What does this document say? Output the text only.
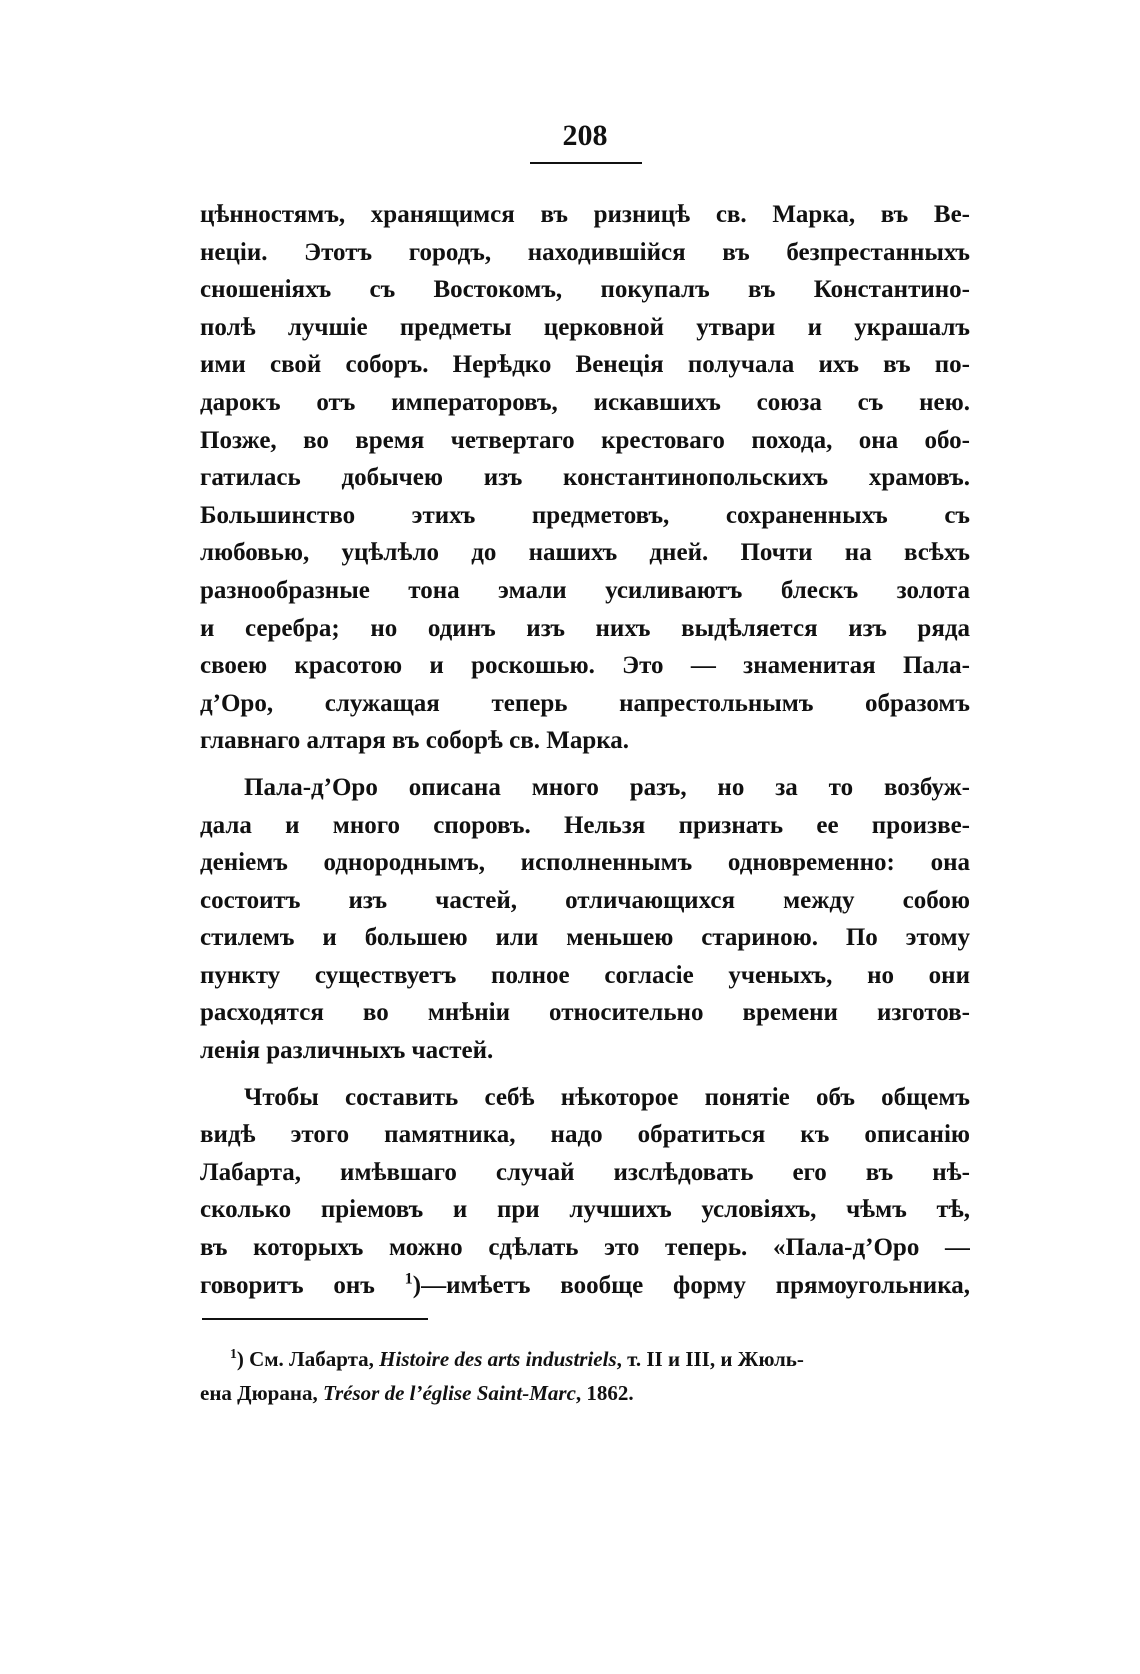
208
цѣнностямъ, хранящимся въ ризницѣ св. Марка, въ Ве-
неціи. Этотъ городъ, находившійся въ безпрестанныхъ
сношеніяхъ съ Востокомъ, покупалъ въ Константино-
полѣ лучшіе предметы церковной утвари и украшалъ
ими свой соборъ. Нерѣдко Венеція получала ихъ въ по-
дарокъ отъ императоровъ, искавшихъ союза съ нею.
Позже, во время четвертаго крестоваго похода, она обо-
гатилась добычею изъ константинопольскихъ храмовъ.
Большинство этихъ предметовъ, сохраненныхъ съ
любовью, уцѣлѣло до нашихъ дней. Почти на всѣхъ
разнообразные тона эмали усиливаютъ блескъ золота
и серебра; но одинъ изъ нихъ выдѣляется изъ ряда
своею красотою и роскошью. Это — знаменитая Пала-
д’Оро, служащая теперь напрестольнымъ образомъ
главнаго алтаря въ соборѣ св. Марка.
Пала-д’Оро описана много разъ, но за то возбуж-
дала и много споровъ. Нельзя признать ее произве-
деніемъ однороднымъ, исполненнымъ одновременно: она
состоитъ изъ частей, отличающихся между собою
стилемъ и большею или меньшею стариною. По этому
пункту существуетъ полное согласіе ученыхъ, но они
расходятся во мнѣніи относительно времени изготов-
ленія различныхъ частей.
Чтобы составить себѣ нѣкоторое понятіе объ общемъ
видѣ этого памятника, надо обратиться къ описанію
Лабарта, имѣвшаго случай изслѣдовать его въ нѣ-
сколько пріемовъ и при лучшихъ условіяхъ, чѣмъ тѣ,
въ которыхъ можно сдѣлать это теперь. «Пала-д’Оро —
говоритъ онъ $^1$)—имѣетъ вообще форму прямоугольника,
$^1$) См. Лабарта, Histoire des arts industriels, т. II и III, и Жюль-
ена Дюрана, Trésor de l’église Saint-Marc, 1862.
